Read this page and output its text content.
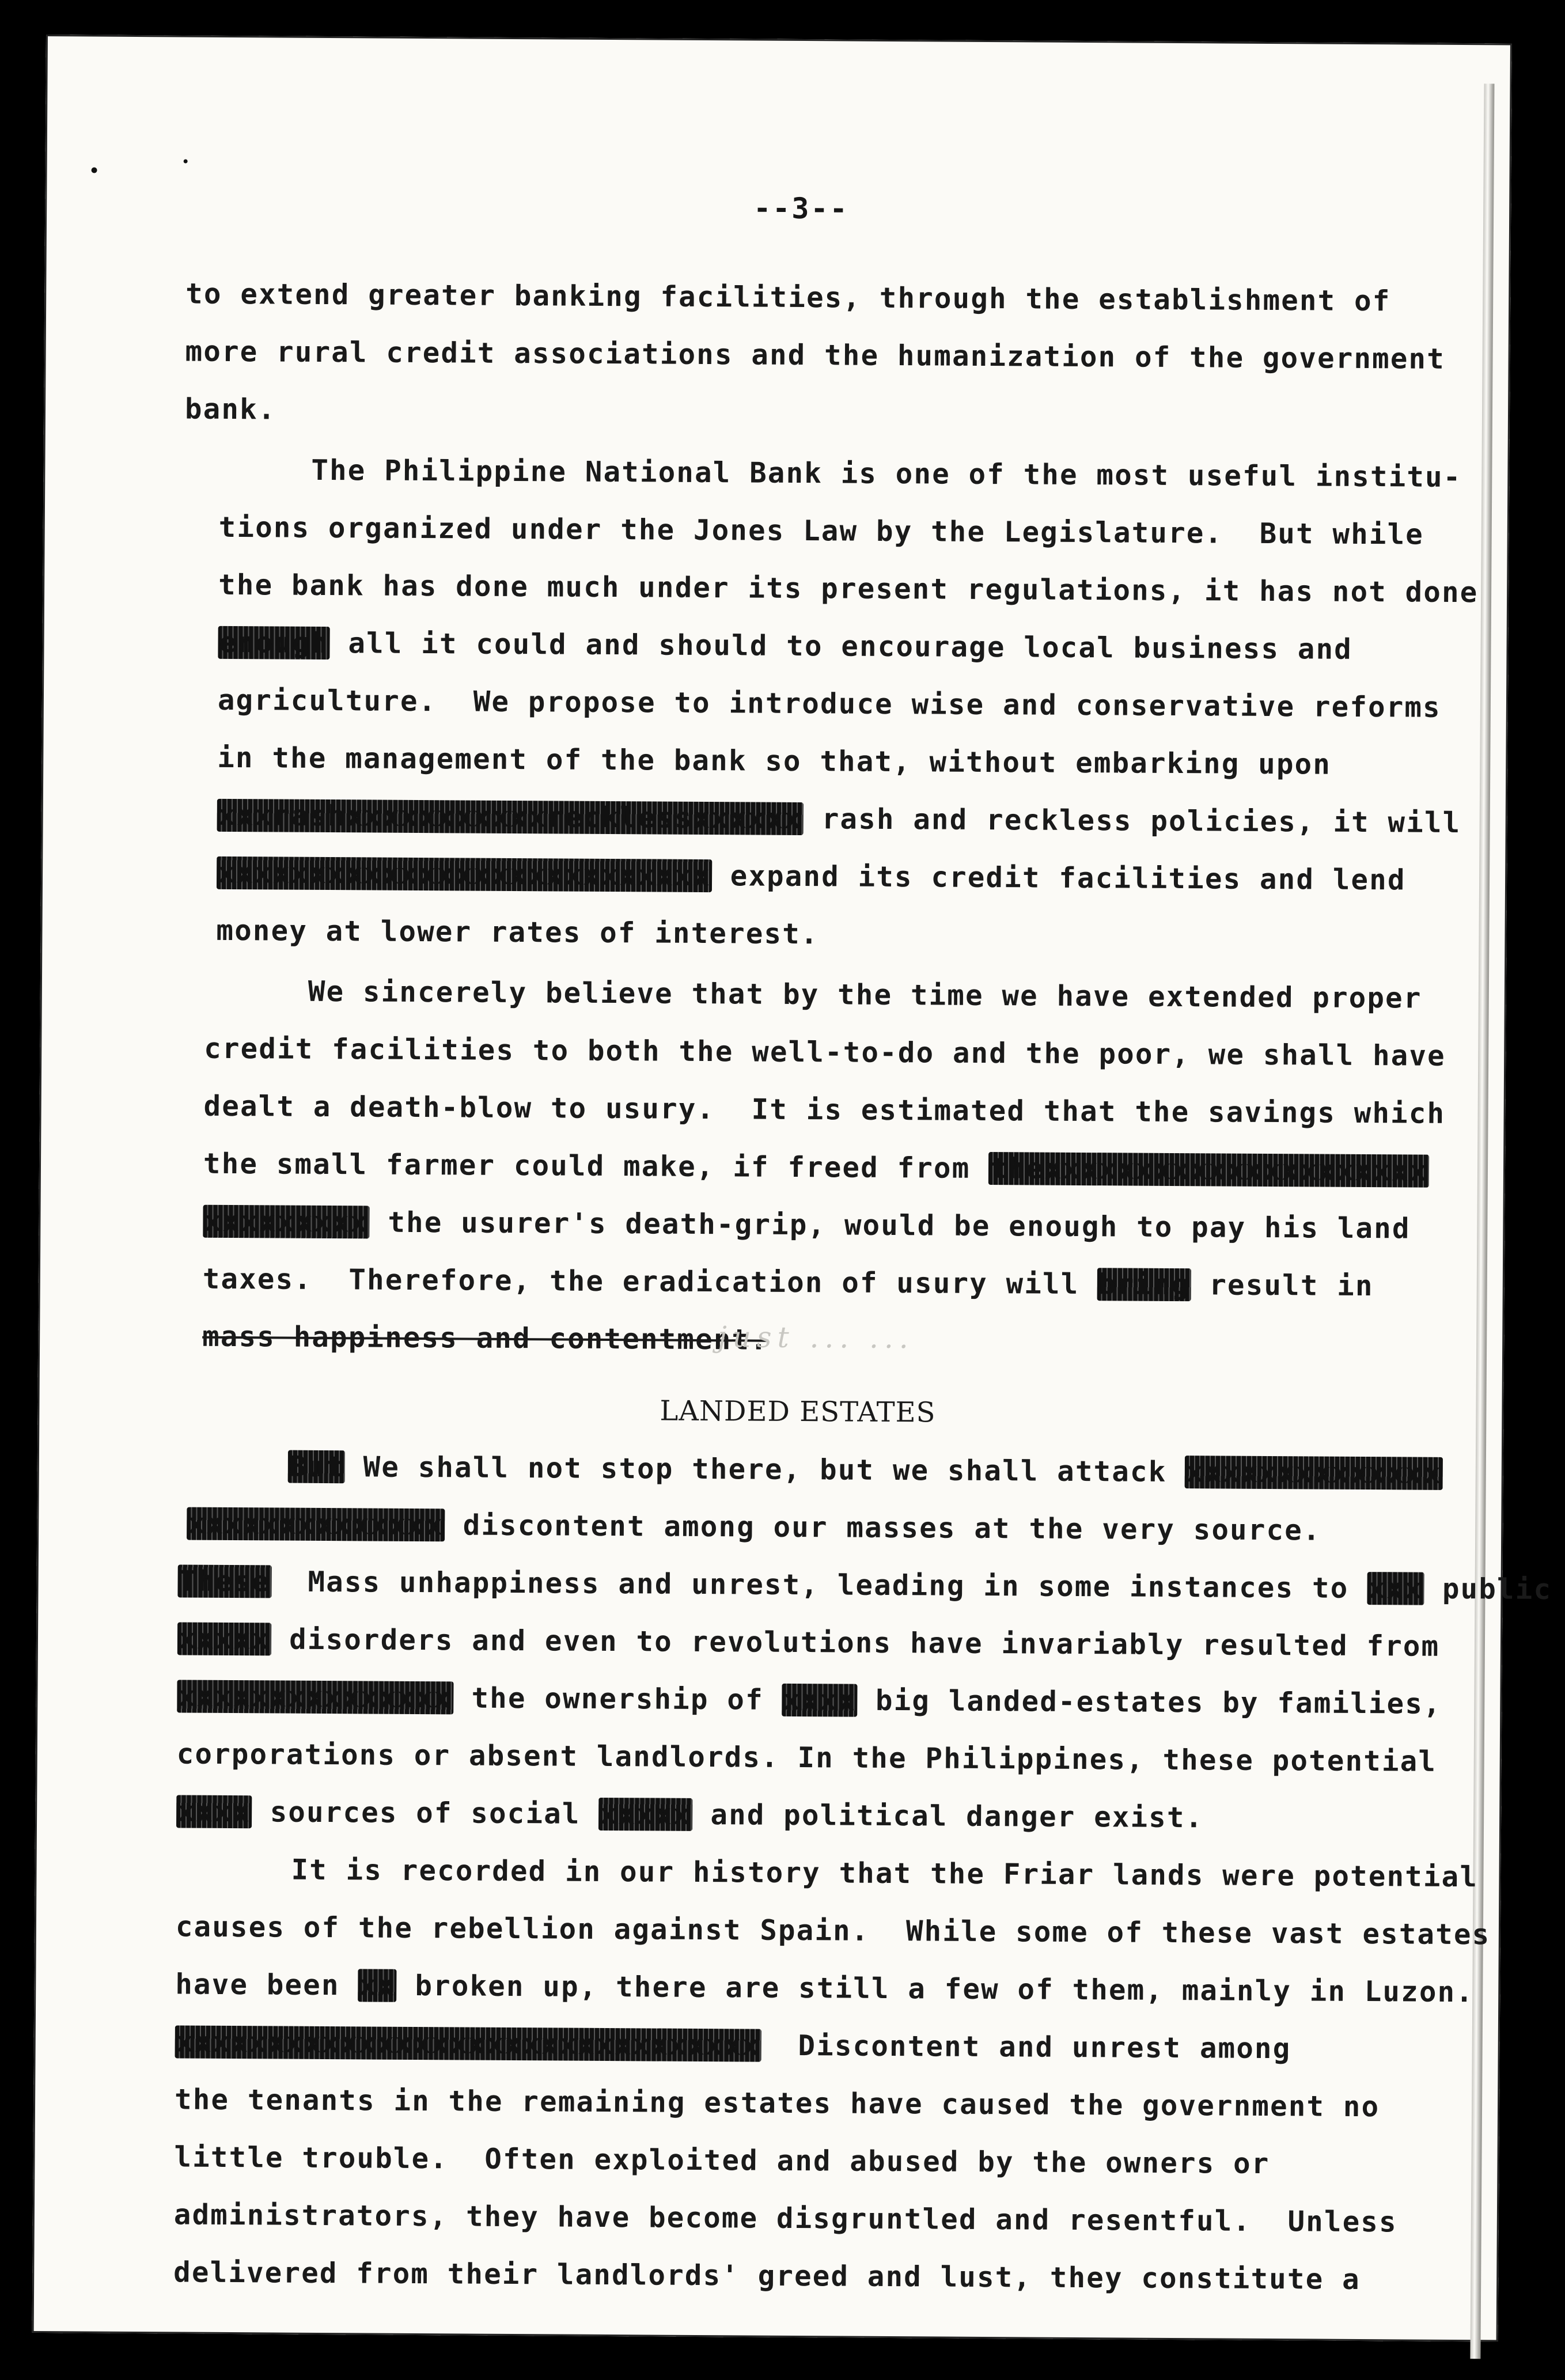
--3--
to extend greater banking facilities, through the establishment of
more rural credit associations and the humanization of the government
bank.
The Philippine National Bank is one of the most useful institu-
tions organized under the Jones Law by the Legislature.  But while
the bank has done much under its present regulations, it has not done
enough all it could and should to encourage local business and
agriculture.  We propose to introduce wise and conservative reforms
in the management of the bank so that, without embarking upon
xxxrashxxxxxxxxxxxrecklessxxxxxx rash and reckless policies, it will
xxxxxxxxxxxxxxxxxxxxxxxxxxx expand its credit facilities and lend
money at lower rates of interest.
We sincerely believe that by the time we have extended proper
credit facilities to both the well-to-do and the poor, we shall have
dealt a death-blow to usury.  It is estimated that the savings which
the small farmer could make, if freed from thexxxxxxxxxxxxxxxxxxxxx
xxxxxxxxx the usurer's death-grip, would be enough to pay his land
taxes.  Therefore, the eradication of usury will bring result in
mass happiness and contentment.
just ... ...
LANDED ESTATES
But We shall not stop there, but we shall attack xxxxxxxxxxxxxx
xxxxxxxxxxxxxx discontent among our masses at the very source.
These  Mass unhappiness and unrest, leading in some instances to xxx public
xxxxx disorders and even to revolutions have invariably resulted from
xxxxxxxxxxxxxxx the ownership of xxxx big landed-estates by families,
corporations or absent landlords. In the Philippines, these potential
xxxx sources of social xxxxx and political danger exist.
It is recorded in our history that the Friar lands were potential
causes of the rebellion against Spain.  While some of these vast estates
have been xx broken up, there are still a few of them, mainly in Luzon.
xxxxxxxxxxxxxxxxxxxxxxxxxxxxxxxx  Discontent and unrest among
the tenants in the remaining estates have caused the government no
little trouble.  Often exploited and abused by the owners or
administrators, they have become disgruntled and resentful.  Unless
delivered from their landlords' greed and lust, they constitute a
